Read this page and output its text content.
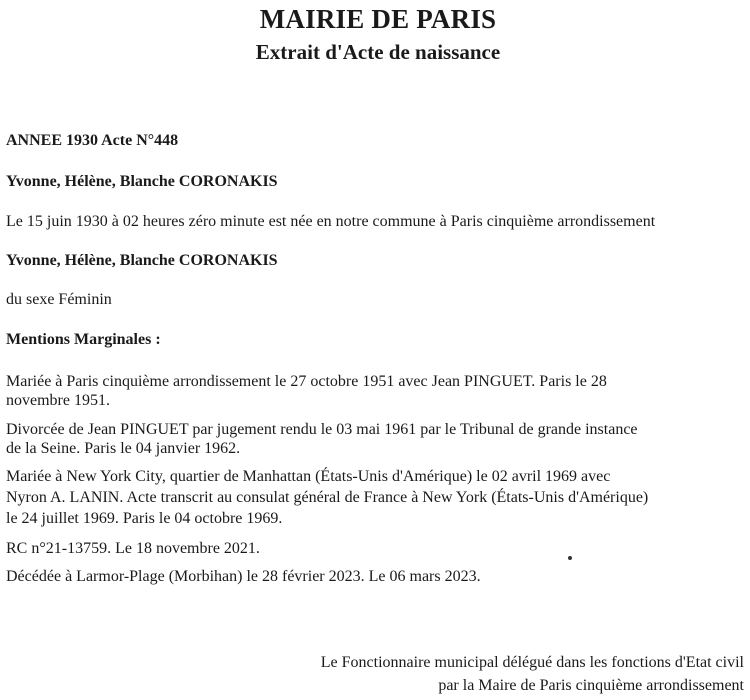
MAIRIE DE PARIS
Extrait d'Acte de naissance

ANNEE 1930 Acte N°448

Yvonne, Hélène, Blanche CORONAKIS

Le 15 juin 1930 à 02 heures zéro minute est née en notre commune à Paris cinquième arrondissement

Yvonne, Hélène, Blanche CORONAKIS

du sexe Féminin

Mentions Marginales :

Mariée à Paris cinquième arrondissement le 27 octobre 1951 avec Jean PINGUET. Paris le 28

novembre 1951.

Divorcée de Jean PINGUET par jugement rendu le 03 mai 1961 par le Tribunal de grande instance

de la Seine. Paris le 04 janvier 1962.

Mariée à New York City, quartier de Manhattan (États-Unis d'Amérique) le 02 avril 1969 avec

Nyron A. LANIN. Acte transcrit au consulat général de France à New York (États-Unis d'Amérique)

le 24 juillet 1969. Paris le 04 octobre 1969.

RC n°21-13759. Le 18 novembre 2021.

Décédée à Larmor-Plage (Morbihan) le 28 février 2023. Le 06 mars 2023.

Le Fonctionnaire municipal délégué dans les fonctions d'Etat civil
par la Maire de Paris cinquième arrondissement
